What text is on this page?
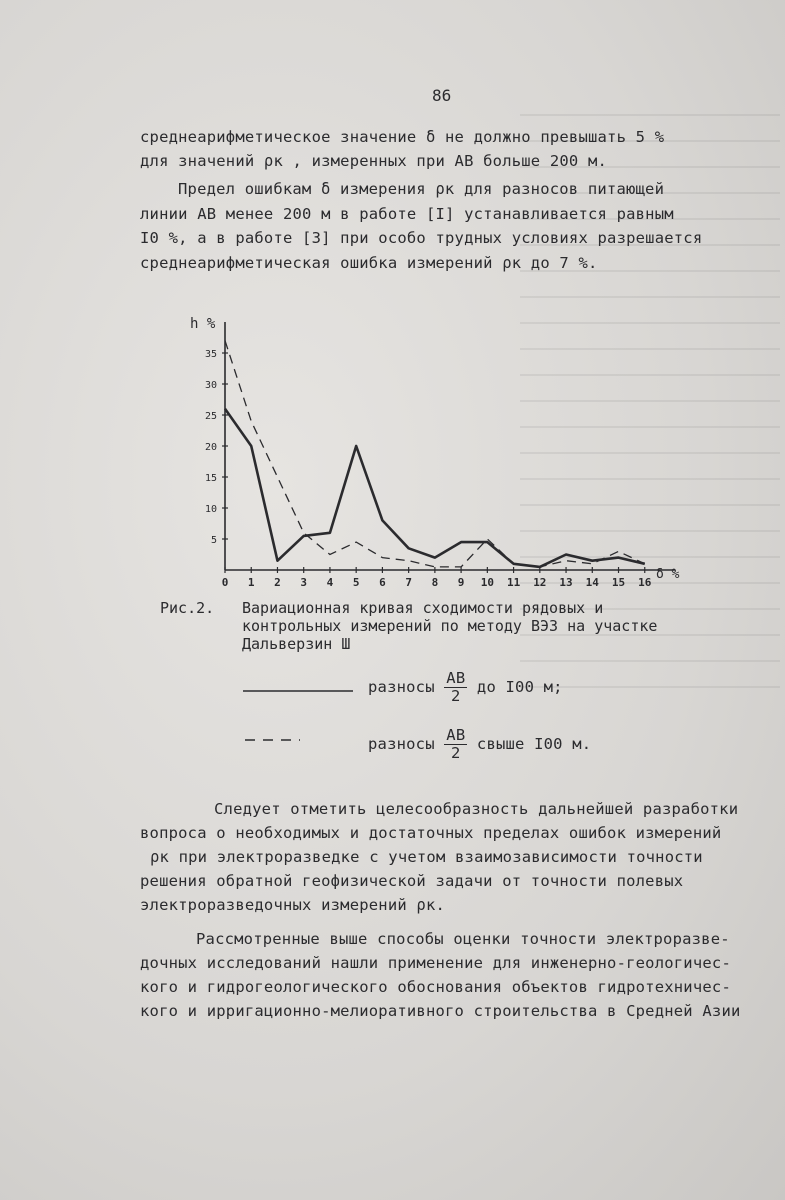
86
среднеарифметическое значение δ не должно превышать 5 %
для значений ρк , измеренных при АВ больше 200 м.
Предел ошибкам δ измерения ρк для разносов питающей
линии АВ менее 200 м в работе [I] устанавливается равным
I0 %, а в работе [3] при особо трудных условиях разрешается
среднеарифметическая ошибка измерений ρк до 7 %.
h %
δ %
5
10
15
20
25
30
35
0 1 2 3 4 5 6 7 8 9 10 11 12 13 14 15 16
Рис.2. Вариационная кривая сходимости рядовых и
контрольных измерений по методу ВЭЗ на участке
Дальверзин Ш
разносы $\frac{АВ}{2}$ до I00 м;
разносы $\frac{АВ}{2}$ свыше I00 м.
Следует отметить целесообразность дальнейшей разработки
вопроса о необходимых и достаточных пределах ошибок измерений
ρк при электроразведке с учетом взаимозависимости точности
решения обратной геофизической задачи от точности полевых
электроразведочных измерений ρк.
Рассмотренные выше способы оценки точности электроразве-
дочных исследований нашли применение для инженерно-геологичес-
кого и гидрогеологического обоснования объектов гидротехничес-
кого и ирригационно-мелиоративного строительства в Средней Азии
